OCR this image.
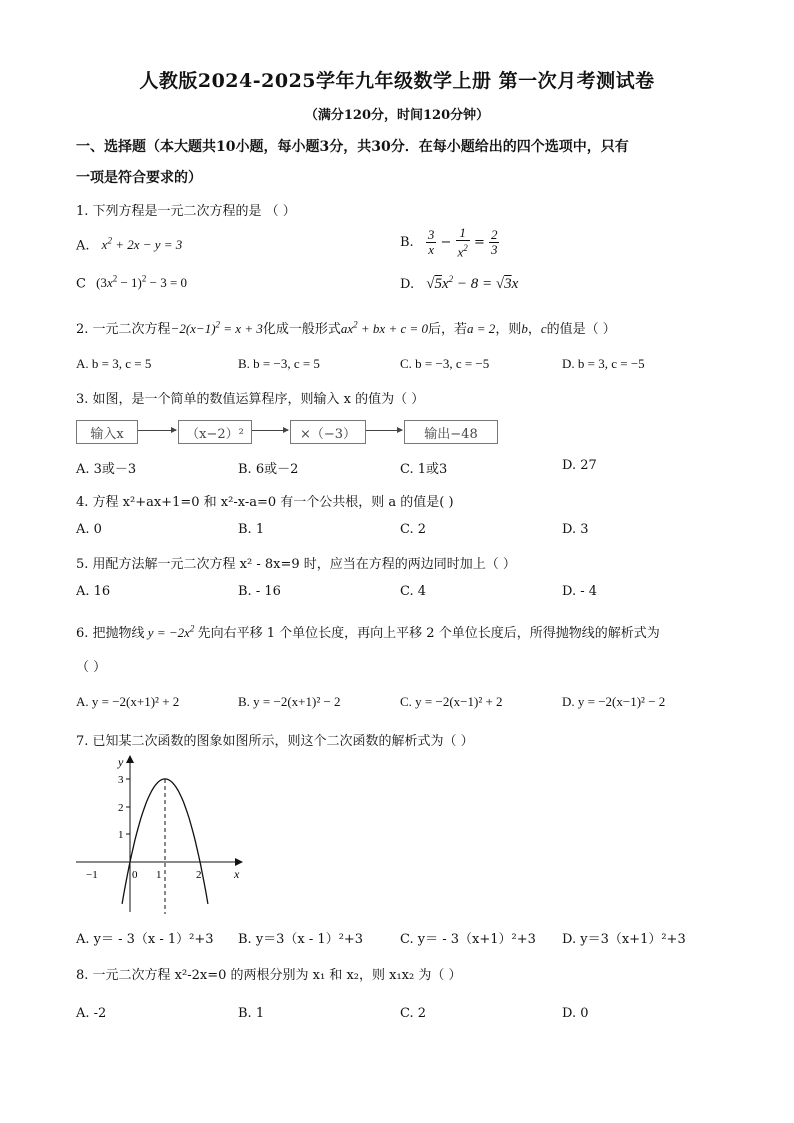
人教版2024-2025学年九年级数学上册 第一次月考测试卷
（满分120分，时间120分钟）
一、选择题（本大题共10小题，每小题3分，共30分．在每小题给出的四个选项中，只有
一项是符合要求的）
1. 下列方程是一元二次方程的是 （ ）
A. $x^2 + 2x - y = 3$	B. $\frac{3}{x} - \frac{1}{x^2} = \frac{2}{3}$
C $(3x^2 - 1)^2 - 3 = 0$	D. $√5x^2 - 8 = √3x$
2. 一元二次方程$-2(x-1)^2 = x + 3$化成一般形式$ax^2$ + bx + c = 0后，若a = 2，则b，c的值是（ ）
A. b = 3, c = 5	B. b = −3, c = 5	C. b = −3, c = −5	D. b = 3, c = −5
3. 如图，是一个简单的数值运算程序，则输入 x 的值为（ ）
输入x	（x−2）²	×（−3）	输出−48
A. 3或－3	B. 6或－2	C. 1或3	D. 27
4. 方程 x²+ax+1=0 和 x²-x-a=0 有一个公共根，则 a 的值是( )
A. 0	B. 1	C. 2	D. 3
5. 用配方法解一元二次方程 x² - 8x=9 时，应当在方程的两边同时加上（ ）
A. 16	B. - 16	C. 4	D. - 4
6. 把抛物线 $y = -2x^2$ 先向右平移 1 个单位长度，再向上平移 2 个单位长度后，所得抛物线的解析式为
（ ）
A. y = −2(x+1)² + 2	B. y = −2(x+1)² − 2	C. y = −2(x−1)² + 2	D. y = −2(x−1)² − 2
7. 已知某二次函数的图象如图所示，则这个二次函数的解析式为（ ）
y
x
1
2
3
−1	0 1	2
A. y＝ - 3（x - 1）²+3 B. y＝3（x - 1）²+3	C. y＝ - 3（x+1）²+3 D. y＝3（x+1）²+3
8. 一元二次方程 x²-2x=0 的两根分别为 x₁ 和 x₂，则 x₁x₂ 为（ ）
A. -2	B. 1	C. 2	D. 0
